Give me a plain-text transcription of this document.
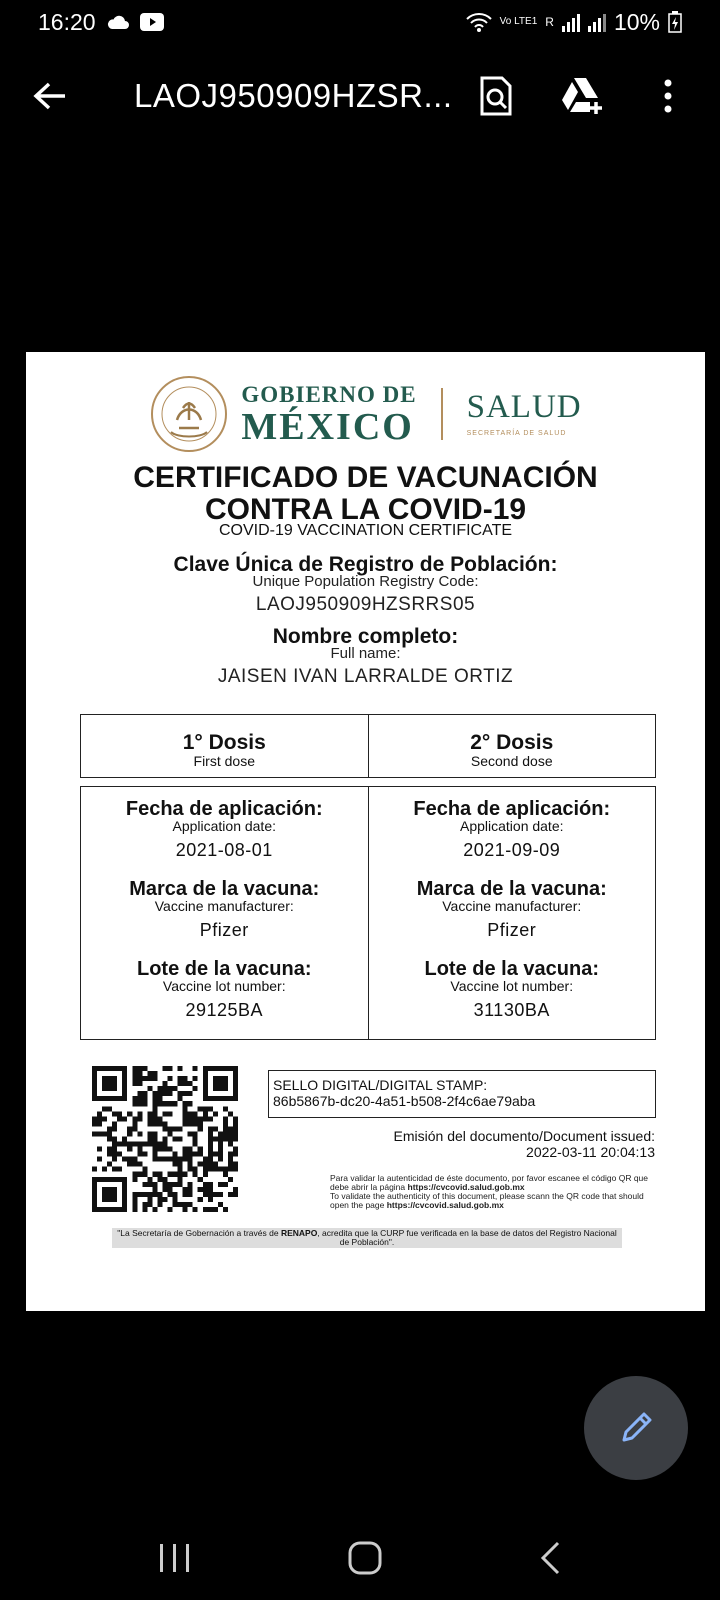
16:20	Vo LTE1 R	10%
LAOJ950909HZSR...
GOBIERNO DE
MÉXICO SALUD
SECRETARÍA DE SALUD
CERTIFICADO DE VACUNACIÓN
CONTRA LA COVID-19
COVID-19 VACCINATION CERTIFICATE
Clave Única de Registro de Población:
Unique Population Registry Code:
LAOJ950909HZSRRS05
Nombre completo:
Full name:
JAISEN IVAN LARRALDE ORTIZ
1° Dosis
First dose
2° Dosis
Second dose
Fecha de aplicación:
Application date:
2021-08-01
Marca de la vacuna:
Vaccine manufacturer:
Pfizer
Lote de la vacuna:
Vaccine lot number:
29125BA
Fecha de aplicación:
Application date:
2021-09-09
Marca de la vacuna:
Vaccine manufacturer:
Pfizer
Lote de la vacuna:
Vaccine lot number:
31130BA
SELLO DIGITAL/DIGITAL STAMP:
86b5867b-dc20-4a51-b508-2f4c6ae79aba
Emisión del documento/Document issued:
2022-03-11 20:04:13
Para validar la autenticidad de éste documento, por favor escanee el código QR que debe abrir la página https://cvcovid.salud.gob.mx
To validate the authenticity of this document, please scann the QR code that should open the page https://cvcovid.salud.gob.mx
"La Secretaría de Gobernación a través de RENAPO, acredita que la CURP fue verificada en la base de datos del Registro Nacional de Población".
